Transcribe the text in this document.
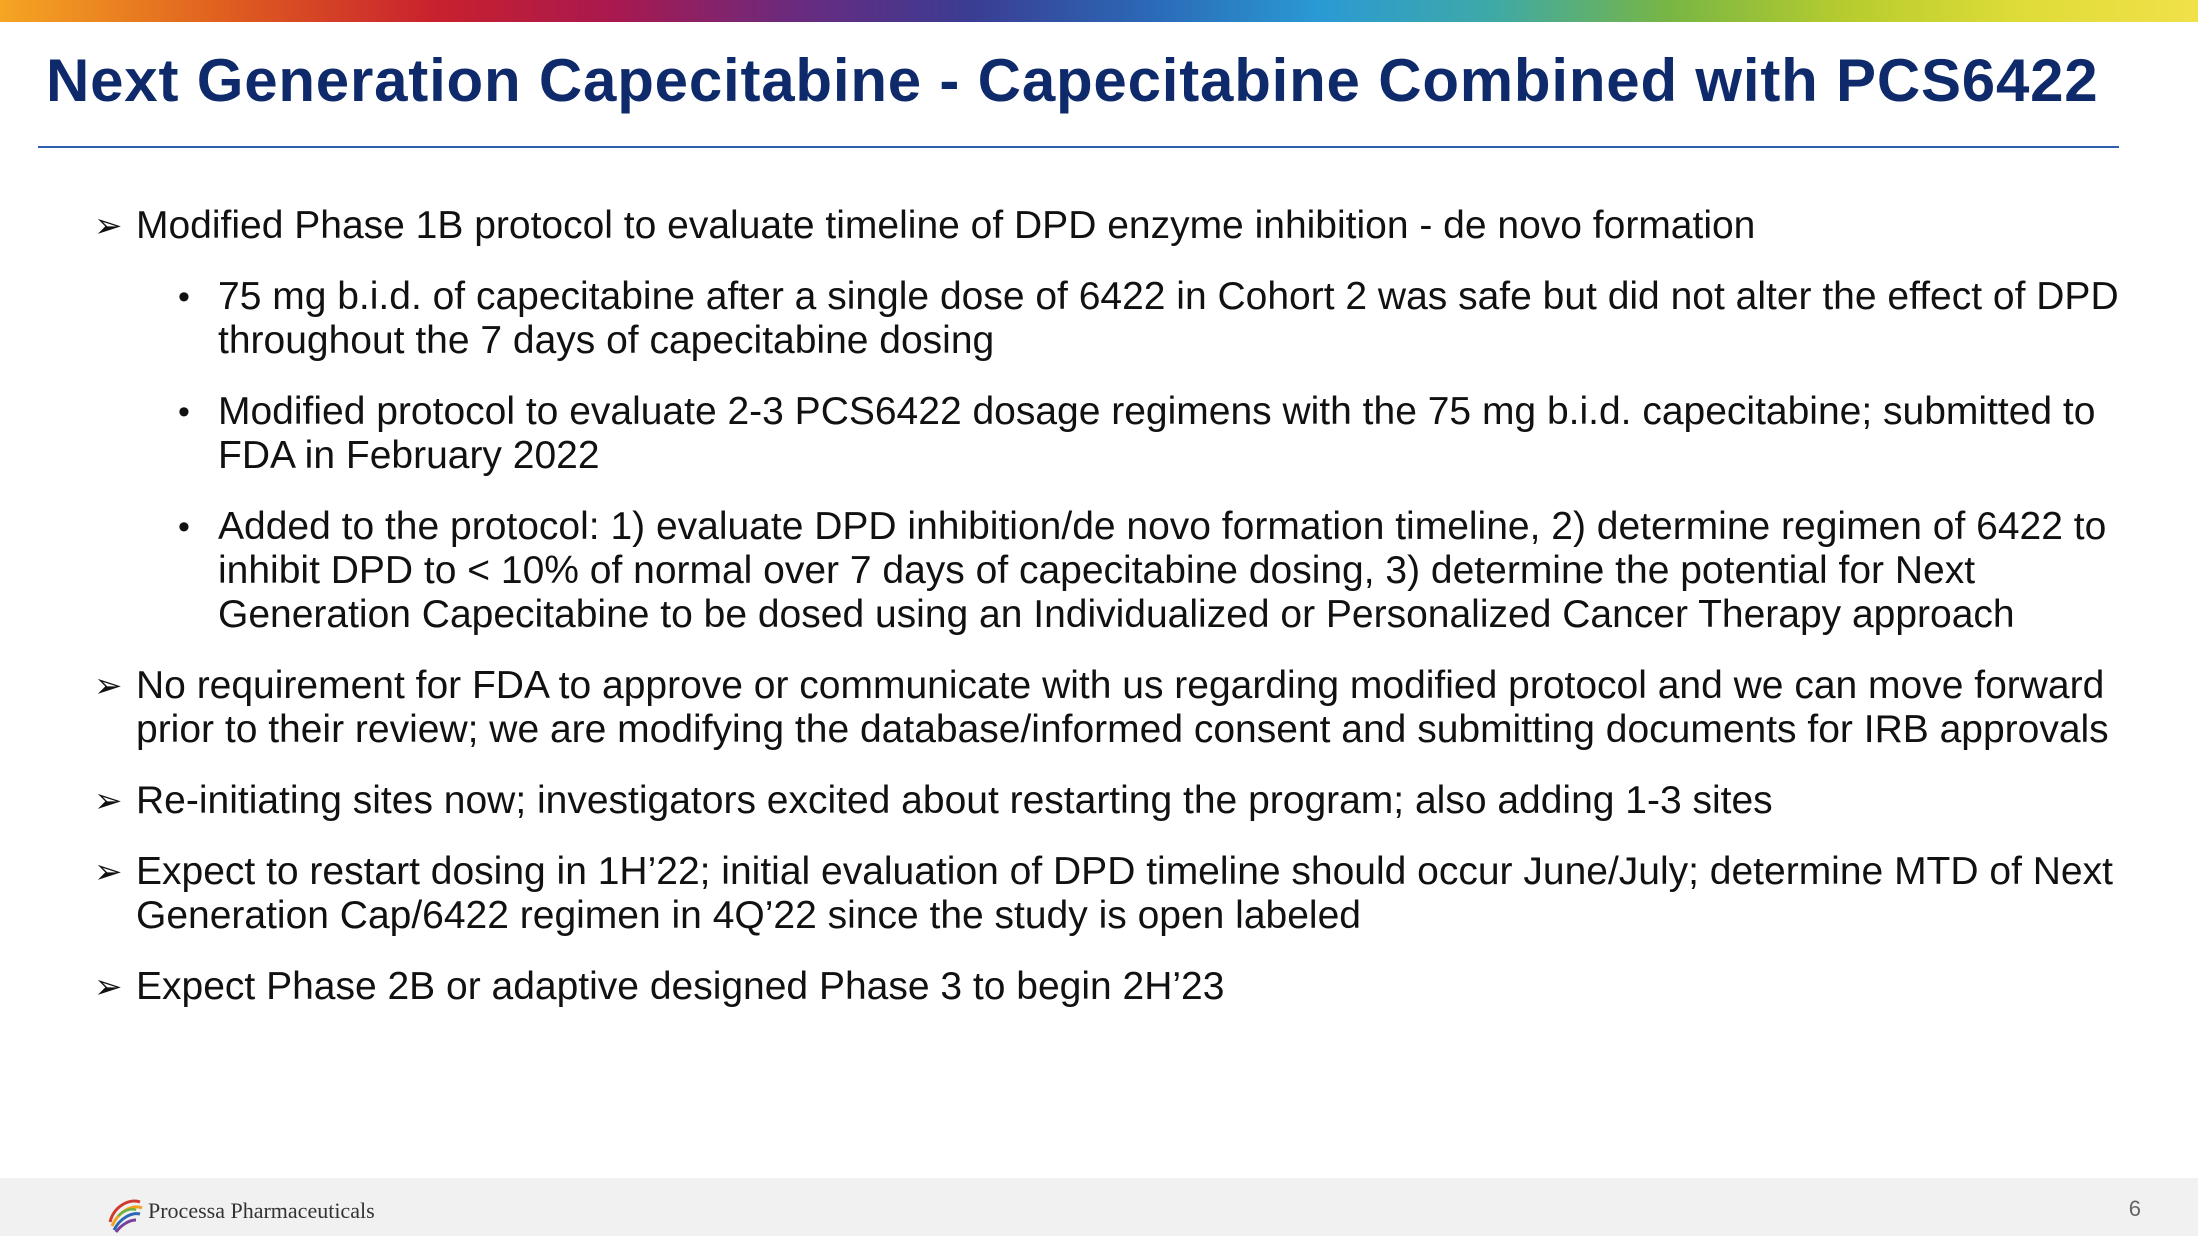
Next Generation Capecitabine - Capecitabine Combined with PCS6422
➢ Modified Phase 1B protocol to evaluate timeline of DPD enzyme inhibition - de novo formation
• 75 mg b.i.d. of capecitabine after a single dose of 6422 in Cohort 2 was safe but did not alter the effect of DPD throughout the 7 days of capecitabine dosing
• Modified protocol to evaluate 2-3 PCS6422 dosage regimens with the 75 mg b.i.d. capecitabine; submitted to FDA in February 2022
• Added to the protocol: 1) evaluate DPD inhibition/de novo formation timeline, 2) determine regimen of 6422 to inhibit DPD to < 10% of normal over 7 days of capecitabine dosing, 3) determine the potential for Next Generation Capecitabine to be dosed using an Individualized or Personalized Cancer Therapy approach
➢ No requirement for FDA to approve or communicate with us regarding modified protocol and we can move forward prior to their review; we are modifying the database/informed consent and submitting documents for IRB approvals
➢ Re-initiating sites now; investigators excited about restarting the program; also adding 1-3 sites
➢ Expect to restart dosing in 1H’22; initial evaluation of DPD timeline should occur June/July; determine MTD of Next Generation Cap/6422 regimen in 4Q’22 since the study is open labeled
➢ Expect Phase 2B or adaptive designed Phase 3 to begin 2H’23
Processa Pharmaceuticals	6
